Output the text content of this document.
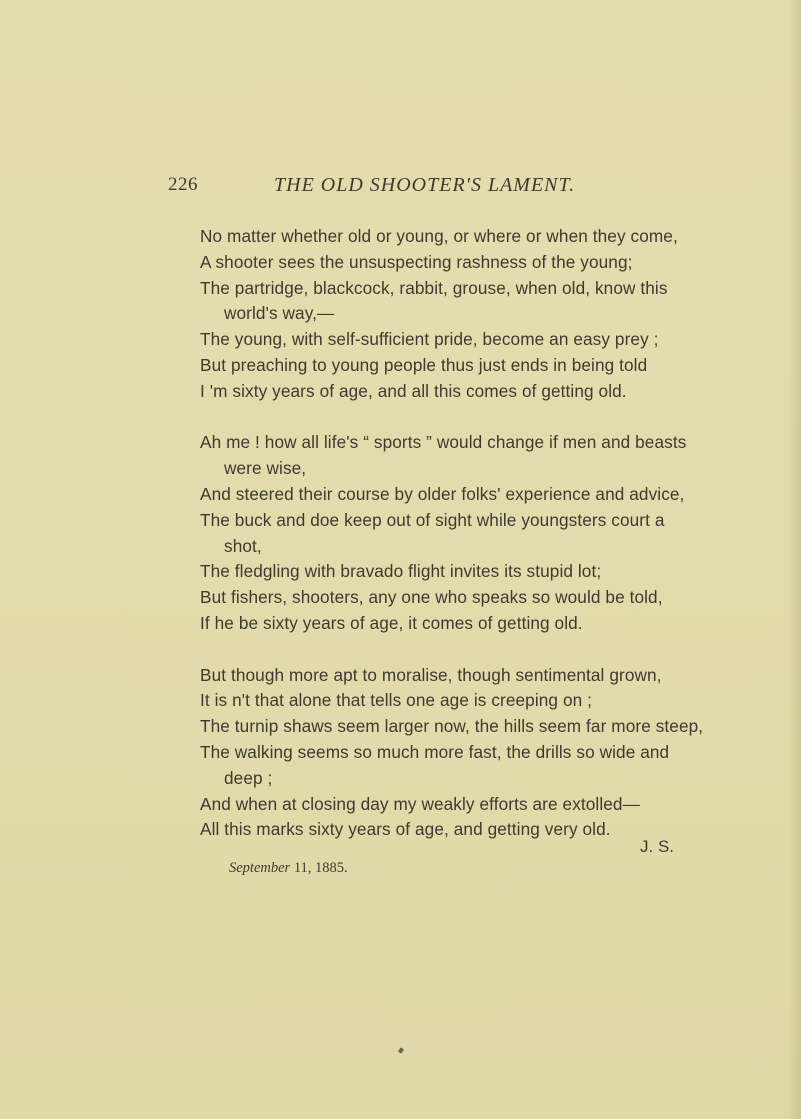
226	THE OLD SHOOTER'S LAMENT.
No matter whether old or young, or where or when they come,
A shooter sees the unsuspecting rashness of the young;
The partridge, blackcock, rabbit, grouse, when old, know this
world's way,—
The young, with self-sufficient pride, become an easy prey ;
But preaching to young people thus just ends in being told
I 'm sixty years of age, and all this comes of getting old.
Ah me ! how all life's “ sports ” would change if men and beasts
were wise,
And steered their course by older folks' experience and advice,
The buck and doe keep out of sight while youngsters court a
shot,
The fledgling with bravado flight invites its stupid lot;
But fishers, shooters, any one who speaks so would be told,
If he be sixty years of age, it comes of getting old.
But though more apt to moralise, though sentimental grown,
It is n't that alone that tells one age is creeping on ;
The turnip shaws seem larger now, the hills seem far more steep,
The walking seems so much more fast, the drills so wide and
deep ;
And when at closing day my weakly efforts are extolled—
All this marks sixty years of age, and getting very old.
J. S.
September 11, 1885.
